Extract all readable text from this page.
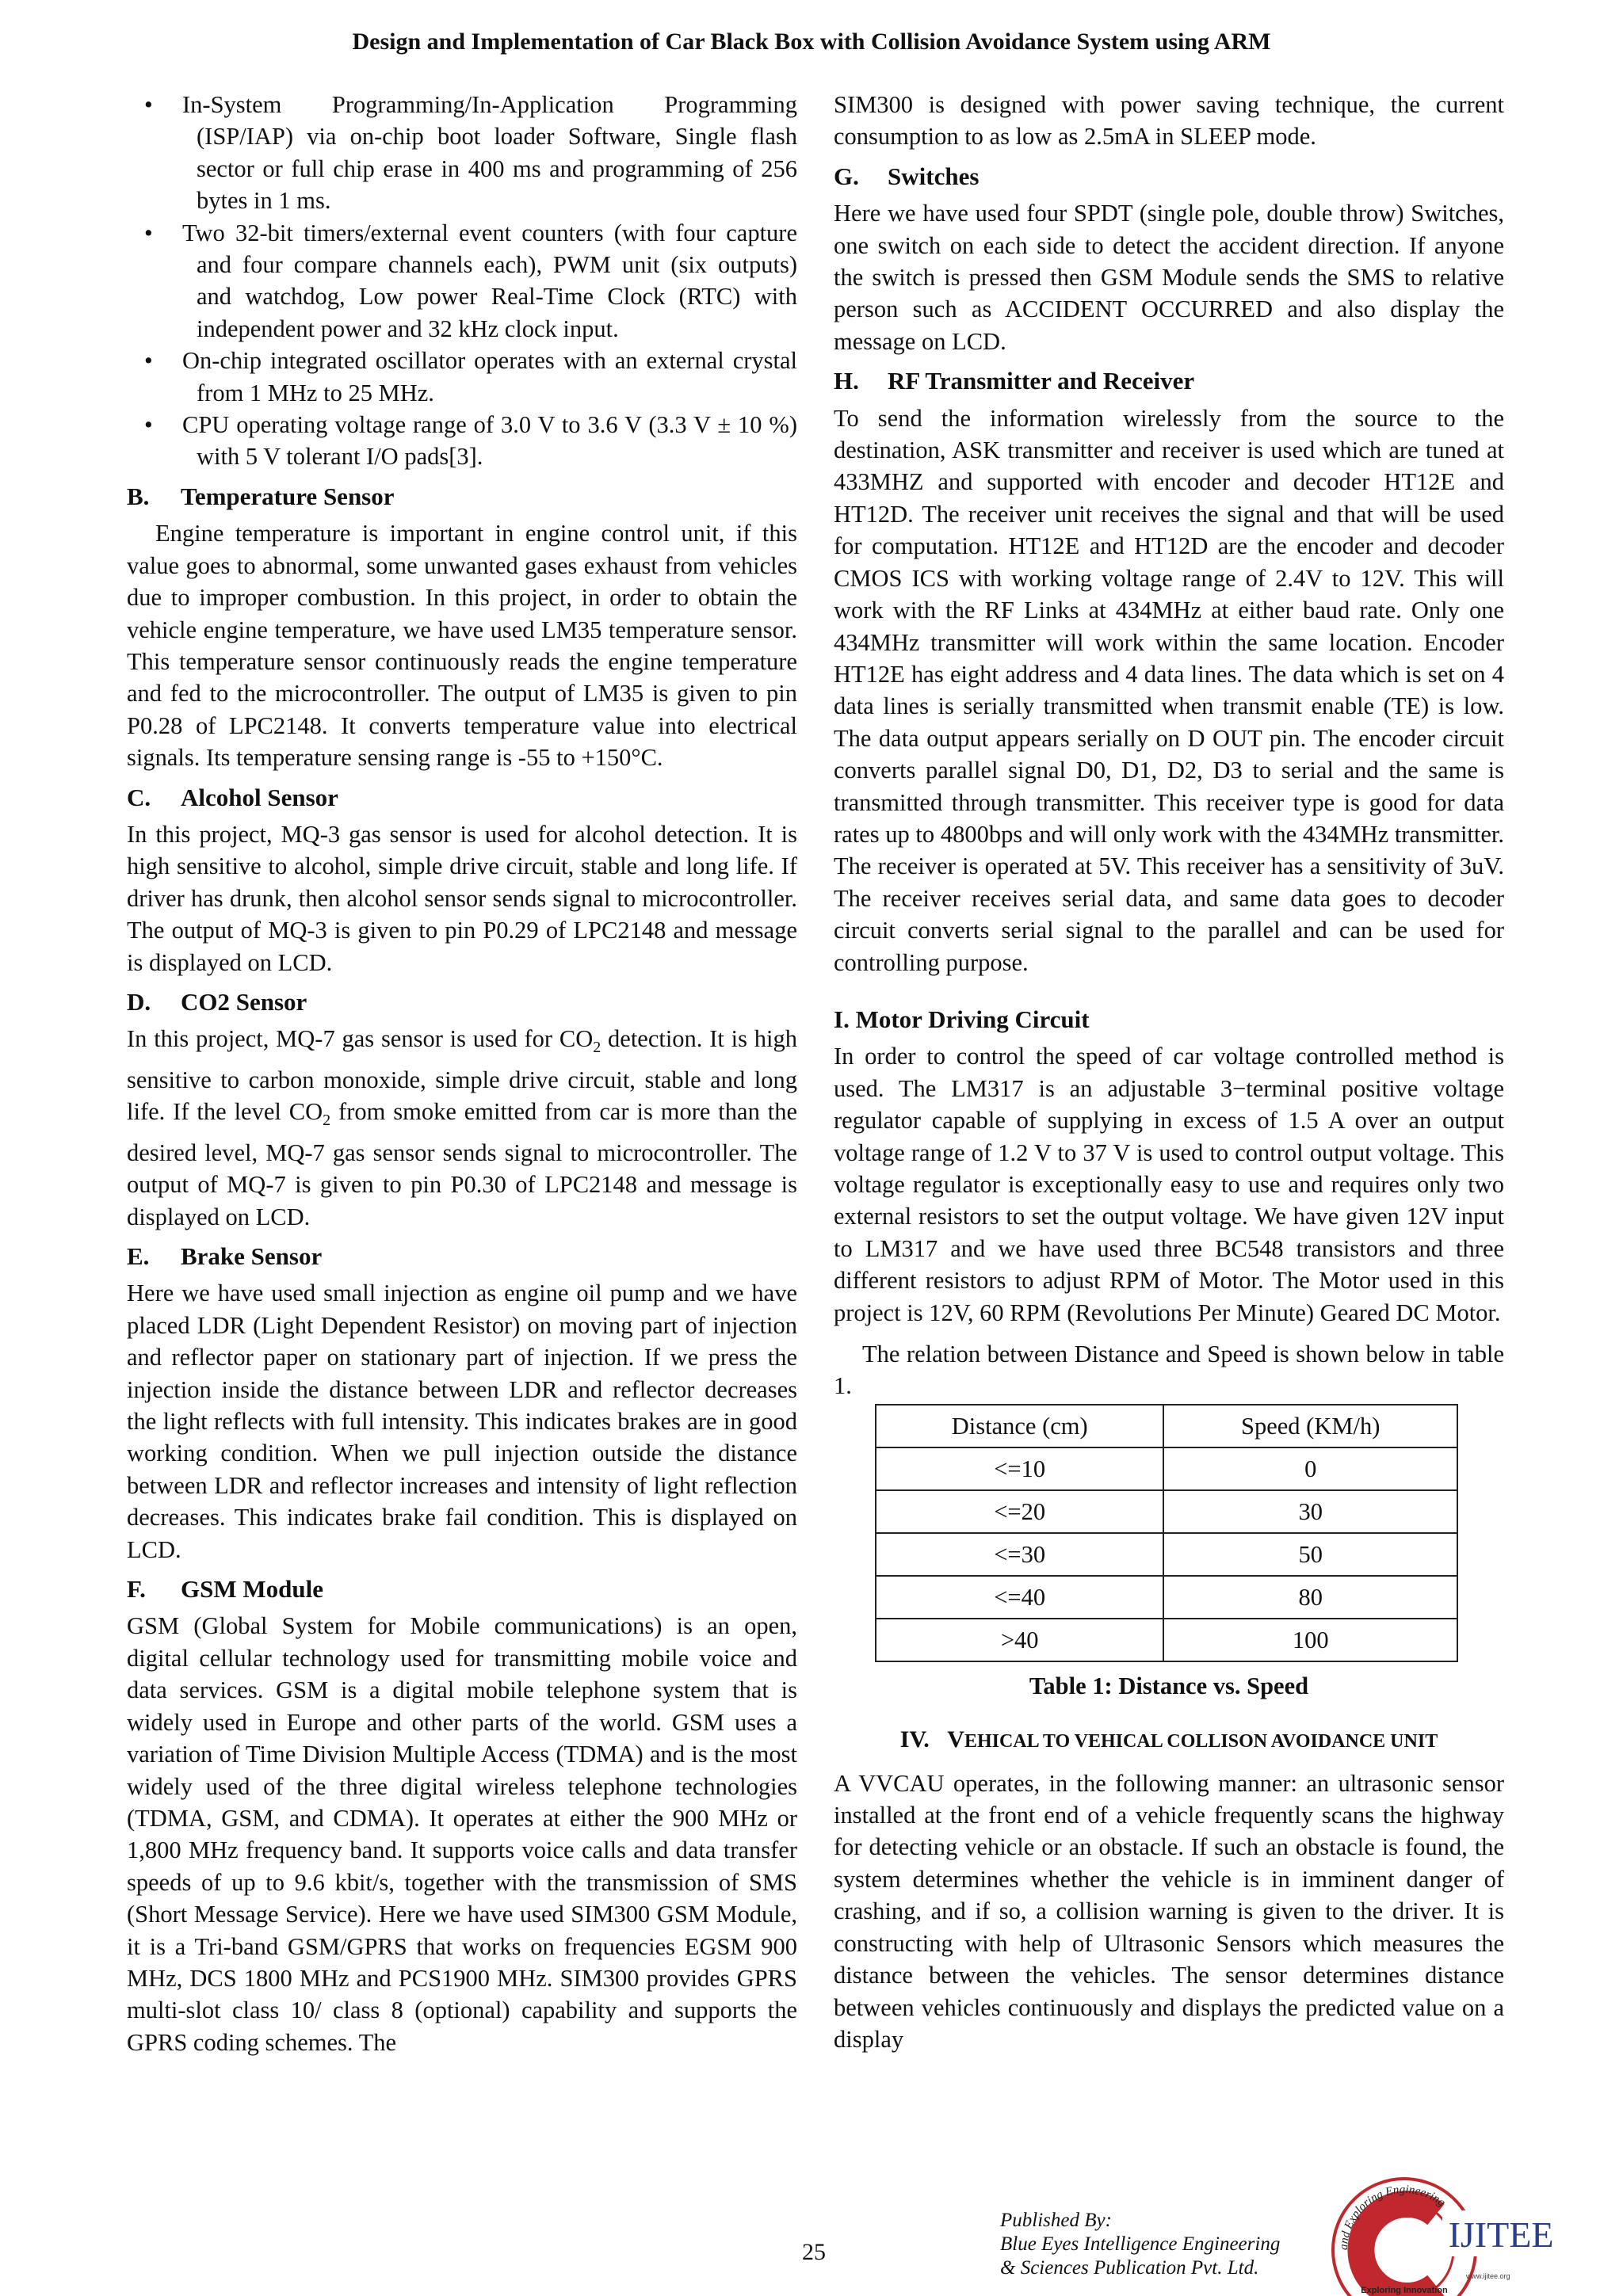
Design and Implementation of Car Black Box with Collision Avoidance System using ARM
• In-System Programming/In-Application Programming (ISP/IAP) via on-chip boot loader Software, Single flash sector or full chip erase in 400 ms and programming of 256 bytes in 1 ms.
• Two 32-bit timers/external event counters (with four capture and four compare channels each), PWM unit (six outputs) and watchdog, Low power Real-Time Clock (RTC) with independent power and 32 kHz clock input.
• On-chip integrated oscillator operates with an external crystal from 1 MHz to 25 MHz.
• CPU operating voltage range of 3.0 V to 3.6 V (3.3 V ± 10 %) with 5 V tolerant I/O pads[3].
B. Temperature Sensor

Engine temperature is important in engine control unit, if this value goes to abnormal, some unwanted gases exhaust from vehicles due to improper combustion. In this project, in order to obtain the vehicle engine temperature, we have used LM35 temperature sensor. This temperature sensor continuously reads the engine temperature and fed to the microcontroller. The output of LM35 is given to pin P0.28 of LPC2148. It converts temperature value into electrical signals. Its temperature sensing range is -55 to +150°C.

C. Alcohol Sensor

In this project, MQ-3 gas sensor is used for alcohol detection. It is high sensitive to alcohol, simple drive circuit, stable and long life. If driver has drunk, then alcohol sensor sends signal to microcontroller. The output of MQ-3 is given to pin P0.29 of LPC2148 and message is displayed on LCD.

D. CO2 Sensor

In this project, MQ-7 gas sensor is used for $CO_2$ detection. It is high sensitive to carbon monoxide, simple drive circuit, stable and long life. If the level $CO_2$ from smoke emitted from car is more than the desired level, MQ-7 gas sensor sends signal to microcontroller. The output of MQ-7 is given to pin P0.30 of LPC2148 and message is displayed on LCD.

E. Brake Sensor

Here we have used small injection as engine oil pump and we have placed LDR (Light Dependent Resistor) on moving part of injection and reflector paper on stationary part of injection. If we press the injection inside the distance between LDR and reflector decreases the light reflects with full intensity. This indicates brakes are in good working condition. When we pull injection outside the distance between LDR and reflector increases and intensity of light reflection decreases. This indicates brake fail condition. This is displayed on LCD.

F. GSM Module

GSM (Global System for Mobile communications) is an open, digital cellular technology used for transmitting mobile voice and data services. GSM is a digital mobile telephone system that is widely used in Europe and other parts of the world. GSM uses a variation of Time Division Multiple Access (TDMA) and is the most widely used of the three digital wireless telephone technologies (TDMA, GSM, and CDMA). It operates at either the 900 MHz or 1,800 MHz frequency band. It supports voice calls and data transfer speeds of up to 9.6 kbit/s, together with the transmission of SMS (Short Message Service). Here we have used SIM300 GSM Module, it is a Tri-band GSM/GPRS that works on frequencies EGSM 900 MHz, DCS 1800 MHz and PCS1900 MHz. SIM300 provides GPRS multi-slot class 10/ class 8 (optional) capability and supports the GPRS coding schemes. The

SIM300 is designed with power saving technique, the current consumption to as low as 2.5mA in SLEEP mode.

G. Switches

Here we have used four SPDT (single pole, double throw) Switches, one switch on each side to detect the accident direction. If anyone the switch is pressed then GSM Module sends the SMS to relative person such as ACCIDENT OCCURRED and also display the message on LCD.

H. RF Transmitter and Receiver

To send the information wirelessly from the source to the destination, ASK transmitter and receiver is used which are tuned at 433MHZ and supported with encoder and decoder HT12E and HT12D. The receiver unit receives the signal and that will be used for computation. HT12E and HT12D are the encoder and decoder CMOS ICS with working voltage range of 2.4V to 12V. This will work with the RF Links at 434MHz at either baud rate. Only one 434MHz transmitter will work within the same location. Encoder HT12E has eight address and 4 data lines. The data which is set on 4 data lines is serially transmitted when transmit enable (TE) is low. The data output appears serially on D OUT pin. The encoder circuit converts parallel signal D0, D1, D2, D3 to serial and the same is transmitted through transmitter. This receiver type is good for data rates up to 4800bps and will only work with the 434MHz transmitter. The receiver is operated at 5V. This receiver has a sensitivity of 3uV. The receiver receives serial data, and same data goes to decoder circuit converts serial signal to the parallel and can be used for controlling purpose.

I. Motor Driving Circuit

In order to control the speed of car voltage controlled method is used. The LM317 is an adjustable 3−terminal positive voltage regulator capable of supplying in excess of 1.5 A over an output voltage range of 1.2 V to 37 V is used to control output voltage. This voltage regulator is exceptionally easy to use and requires only two external resistors to set the output voltage. We have given 12V input to LM317 and we have used three BC548 transistors and three different resistors to adjust RPM of Motor. The Motor used in this project is 12V, 60 RPM (Revolutions Per Minute) Geared DC Motor.

The relation between Distance and Speed is shown below in table 1.

Distance (cm)	Speed (KM/h)
<=10	0
<=20	30
<=30	50
<=40	80
>40	100
Table 1: Distance vs. Speed
IV. VEHICAL TO VEHICAL COLLISON AVOIDANCE UNIT

A VVCAU operates, in the following manner: an ultrasonic sensor installed at the front end of a vehicle frequently scans the highway for detecting vehicle or an obstacle. If such an obstacle is found, the system determines whether the vehicle is in imminent danger of crashing, and if so, a collision warning is given to the driver. It is constructing with help of Ultrasonic Sensors which measures the distance between the vehicles. The sensor determines distance between vehicles continuously and displays the predicted value on a display

25
Published By:
Blue Eyes Intelligence Engineering
& Sciences Publication Pvt. Ltd.
and Exploring Engineering
IJITEE
www.ijitee.org
Exploring Innovation
